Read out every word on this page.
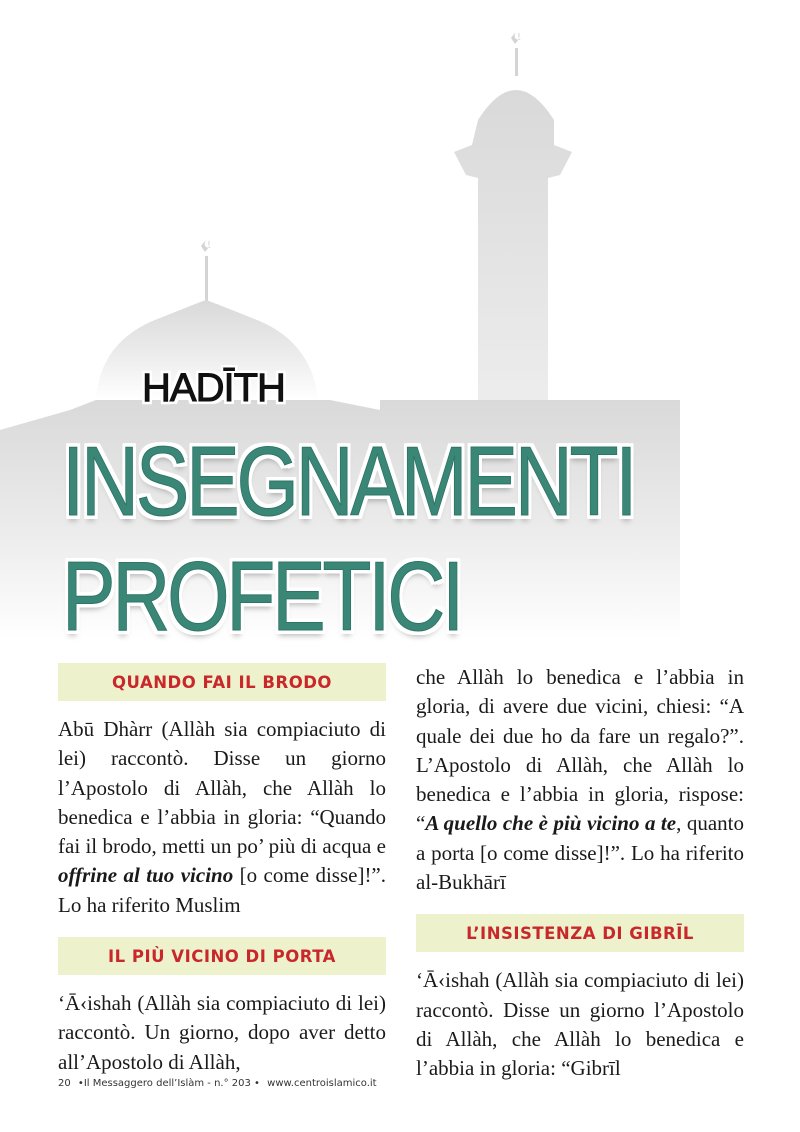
HADĪTH
INSEGNAMENTI
PROFETICI
QUANDO FAI IL BRODO

Abū Dhàrr (Allàh sia compiaciuto di lei) raccontò. Disse un giorno l’Apostolo di Allàh, che Allàh lo benedica e l’abbia in gloria: “Quando fai il brodo, metti un po’ più di acqua e offrine al tuo vicino [o come disse]!”. Lo ha riferito Muslim

IL PIÙ VICINO DI PORTA

‘Ā‹ishah (Allàh sia compiaciuto di lei) raccontò. Un giorno, dopo aver detto all’Apostolo di Allàh,

che Allàh lo benedica e l’abbia in gloria, di avere due vicini, chiesi: “A quale dei due ho da fare un regalo?”. L’Apostolo di Allàh, che Allàh lo benedica e l’abbia in gloria, rispose: “A quello che è più vicino a te, quanto a porta [o come disse]!”. Lo ha riferito al-Bukhārī

L’INSISTENZA DI GIBRĪL

‘Ā‹ishah (Allàh sia compiaciuto di lei) raccontò. Disse un giorno l’Apostolo di Allàh, che Allàh lo benedica e l’abbia in gloria: “Gibrīl

20 •Il Messaggero dell’Islàm - n.° 203 • www.centroislamico.it
